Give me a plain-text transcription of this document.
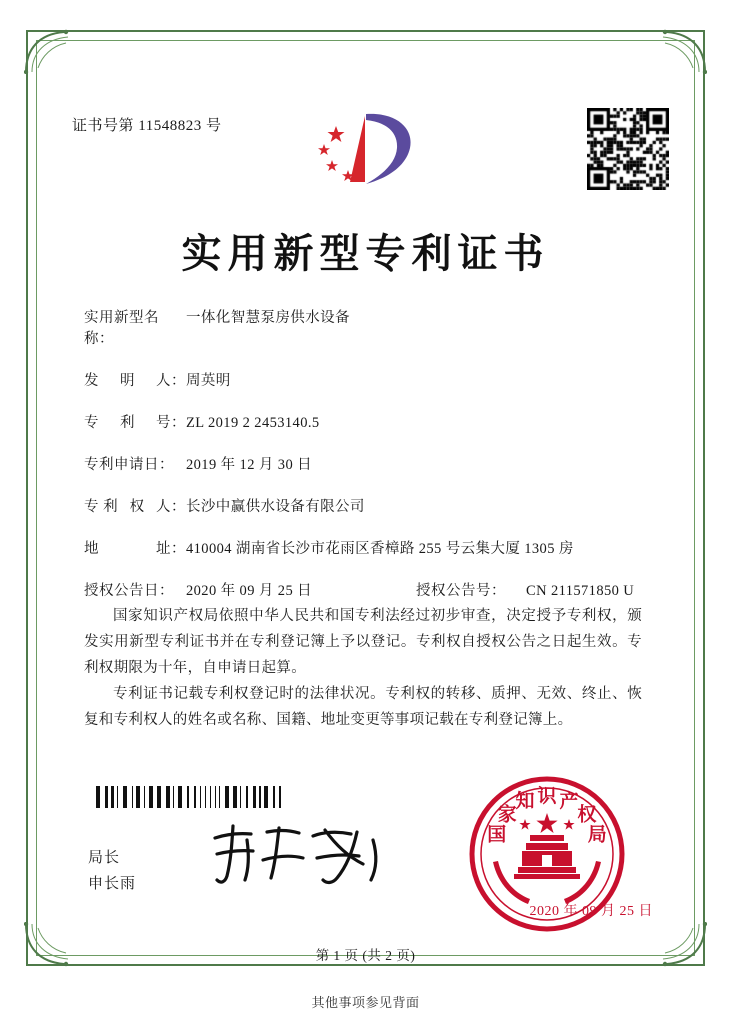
证书号第 11548823 号
实用新型专利证书
实用新型名称：
一体化智慧泵房供水设备
发 明 人： 周英明
专 利 号： ZL 2019 2 2453140.5
专利申请日： 2019 年 12 月 30 日
专 利 权 人： 长沙中赢供水设备有限公司
地	址： 410004 湖南省长沙市花雨区香樟路 255 号云集大厦 1305 房
授权公告日： 2020 年 09 月 25 日	授权公告号：	CN 211571850 U

国家知识产权局依照中华人民共和国专利法经过初步审查，决定授予专利权，颁发实用新型专利证书并在专利登记簿上予以登记。专利权自授权公告之日起生效。专利权期限为十年，自申请日起算。

专利证书记载专利权登记时的法律状况。专利权的转移、质押、无效、终止、恢复和专利权人的姓名或名称、国籍、地址变更等事项记载在专利登记簿上。

局长
申长雨
国
家
知 识 产
权
局
2020 年 09 月 25 日
第 1 页 (共 2 页)
其他事项参见背面
